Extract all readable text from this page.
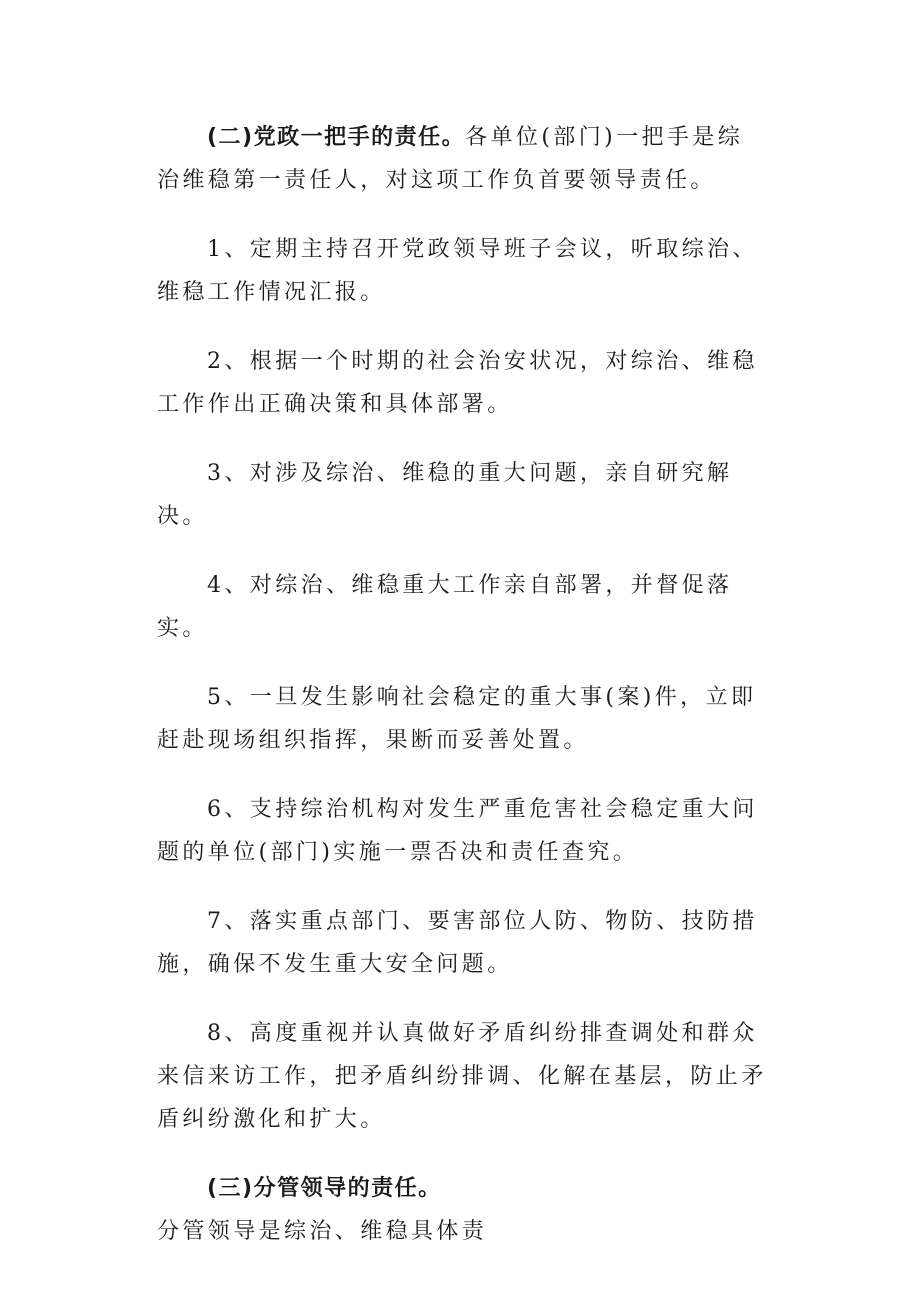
(二)党政一把手的责任。各单位(部门)一把手是综治维稳第一责任人，对这项工作负首要领导责任。

1、定期主持召开党政领导班子会议，听取综治、维稳工作情况汇报。

2、根据一个时期的社会治安状况，对综治、维稳工作作出正确决策和具体部署。

3、对涉及综治、维稳的重大问题，亲自研究解决。

4、对综治、维稳重大工作亲自部署，并督促落实。

5、一旦发生影响社会稳定的重大事(案)件，立即赶赴现场组织指挥，果断而妥善处置。

6、支持综治机构对发生严重危害社会稳定重大问题的单位(部门)实施一票否决和责任查究。

7、落实重点部门、要害部位人防、物防、技防措施，确保不发生重大安全问题。

8、高度重视并认真做好矛盾纠纷排查调处和群众来信来访工作，把矛盾纠纷排调、化解在基层，防止矛盾纠纷激化和扩大。

(三)分管领导的责任。分管领导是综治、维稳具体责
